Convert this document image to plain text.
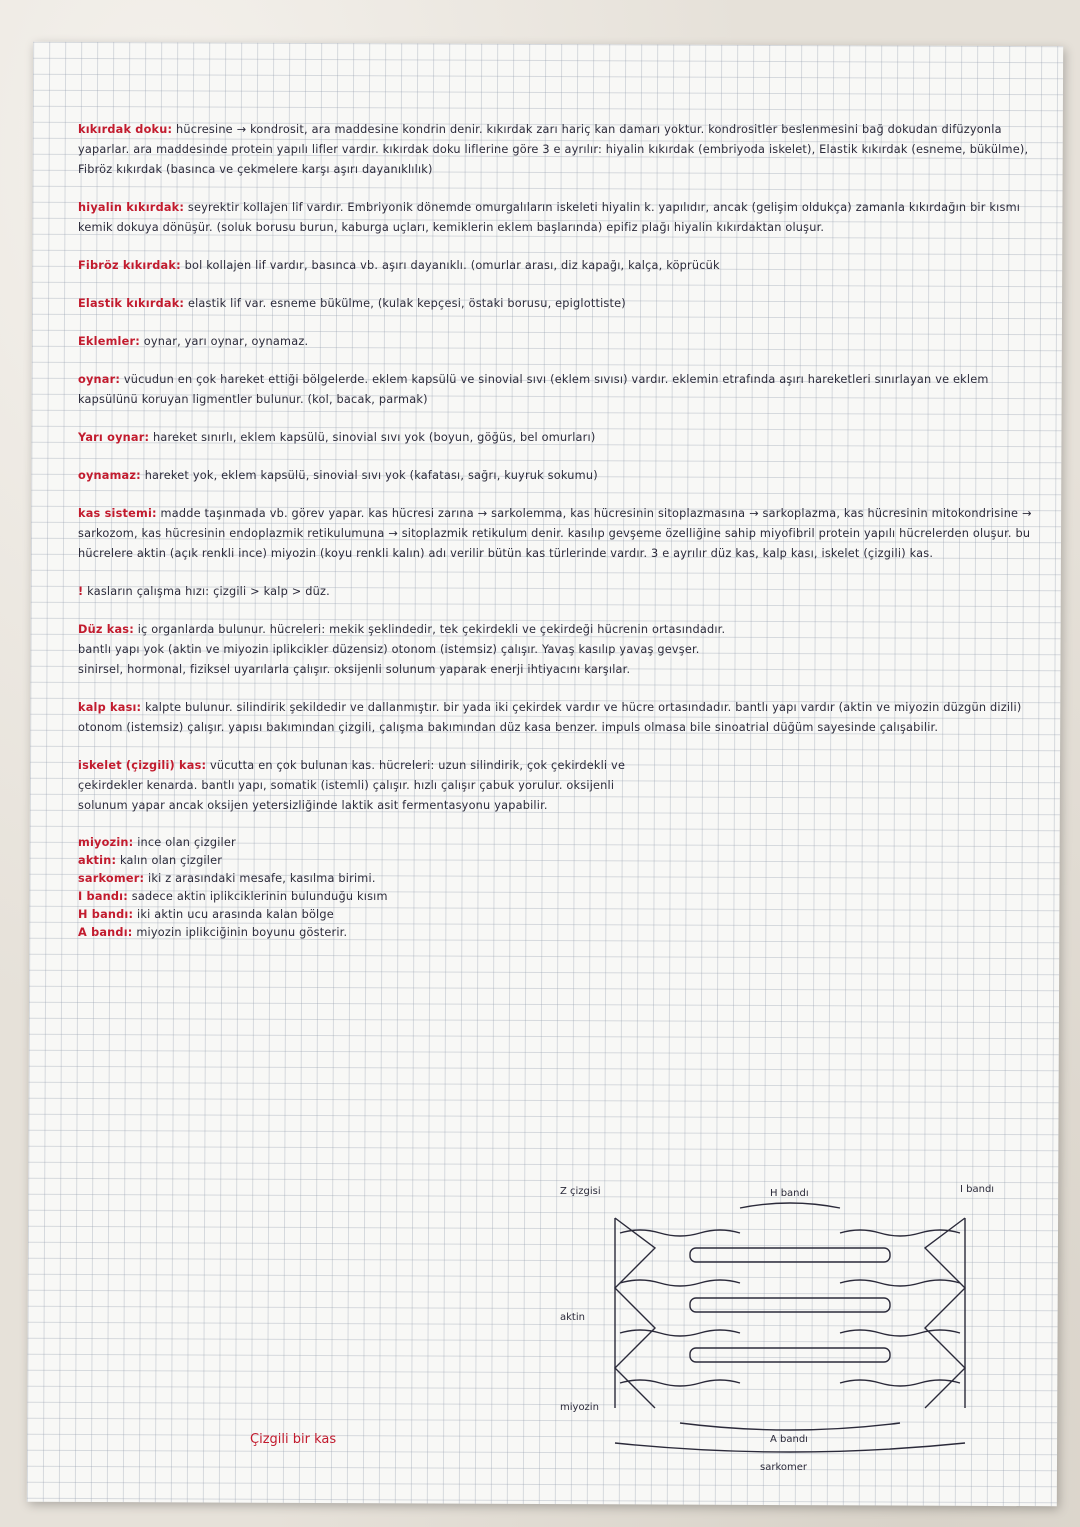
kıkırdak doku: hücresine → kondrosit, ara maddesine kondrin denir. kıkırdak zarı hariç kan damarı yoktur. kondrositler beslenmesini bağ dokudan difüzyonla yaparlar. ara maddesinde protein yapılı lifler vardır. kıkırdak doku liflerine göre 3 e ayrılır: hiyalin kıkırdak (embriyoda iskelet), Elastik kıkırdak (esneme, bükülme), Fibröz kıkırdak (basınca ve çekmelere karşı aşırı dayanıklılık)
hiyalin kıkırdak: seyrektir kollajen lif vardır. Embriyonik dönemde omurgalıların iskeleti hiyalin k. yapılıdır, ancak (gelişim oldukça) zamanla kıkırdağın bir kısmı kemik dokuya dönüşür. (soluk borusu burun, kaburga uçları, kemiklerin eklem başlarında) epifiz plağı hiyalin kıkırdaktan oluşur.
Fibröz kıkırdak: bol kollajen lif vardır, basınca vb. aşırı dayanıklı. (omurlar arası, diz kapağı, kalça, köprücük
Elastik kıkırdak: elastik lif var. esneme bükülme, (kulak kepçesi, östaki borusu, epiglottiste)
Eklemler: oynar, yarı oynar, oynamaz.
oynar: vücudun en çok hareket ettiği bölgelerde. eklem kapsülü ve sinovial sıvı (eklem sıvısı) vardır. eklemin etrafında aşırı hareketleri sınırlayan ve eklem kapsülünü koruyan ligmentler bulunur. (kol, bacak, parmak)
Yarı oynar: hareket sınırlı, eklem kapsülü, sinovial sıvı yok (boyun, göğüs, bel omurları)
oynamaz: hareket yok, eklem kapsülü, sinovial sıvı yok (kafatası, sağrı, kuyruk sokumu)
kas sistemi: madde taşınmada vb. görev yapar. kas hücresi zarına → sarkolemma, kas hücresinin sitoplazmasına → sarkoplazma, kas hücresinin mitokondrisine → sarkozom, kas hücresinin endoplazmik retikulumuna → sitoplazmik retikulum denir. kasılıp gevşeme özelliğine sahip miyofibril protein yapılı hücrelerden oluşur. bu hücrelere aktin (açık renkli ince) miyozin (koyu renkli kalın) adı verilir bütün kas türlerinde vardır. 3 e ayrılır düz kas, kalp kası, iskelet (çizgili) kas.
! kasların çalışma hızı: çizgili > kalp > düz.
Düz kas: iç organlarda bulunur. hücreleri: mekik şeklindedir, tek çekirdekli ve çekirdeği hücrenin ortasındadır. bantlı yapı yok (aktin ve miyozin iplikcikler düzensiz) otonom (istemsiz) çalışır. Yavaş kasılıp yavaş gevşer. sinirsel, hormonal, fiziksel uyarılarla çalışır. oksijenli solunum yaparak enerji ihtiyacını karşılar.
kalp kası: kalpte bulunur. silindirik şekildedir ve dallanmıştır. bir yada iki çekirdek vardır ve hücre ortasındadır. bantlı yapı vardır (aktin ve miyozin düzgün dizili) otonom (istemsiz) çalışır. yapısı bakımından çizgili, çalışma bakımından düz kasa benzer. impuls olmasa bile sinoatrial düğüm sayesinde çalışabilir.
iskelet (çizgili) kas: vücutta en çok bulunan kas. hücreleri: uzun silindirik, çok çekirdekli ve çekirdekler kenarda. bantlı yapı, somatik (istemli) çalışır. hızlı çalışır çabuk yorulur. oksijenli solunum yapar ancak oksijen yetersizliğinde laktik asit fermentasyonu yapabilir.
miyozin: ince olan çizgiler
aktin: kalın olan çizgiler
sarkomer: iki z arasındaki mesafe, kasılma birimi.
I bandı: sadece aktin iplikciklerinin bulunduğu kısım
H bandı: iki aktin ucu arasında kalan bölge
A bandı: miyozin iplikciğinin boyunu gösterir.
Z çizgisi	H bandı	I bandı
aktin
miyozin
A bandı
sarkomer
Çizgili bir kas
